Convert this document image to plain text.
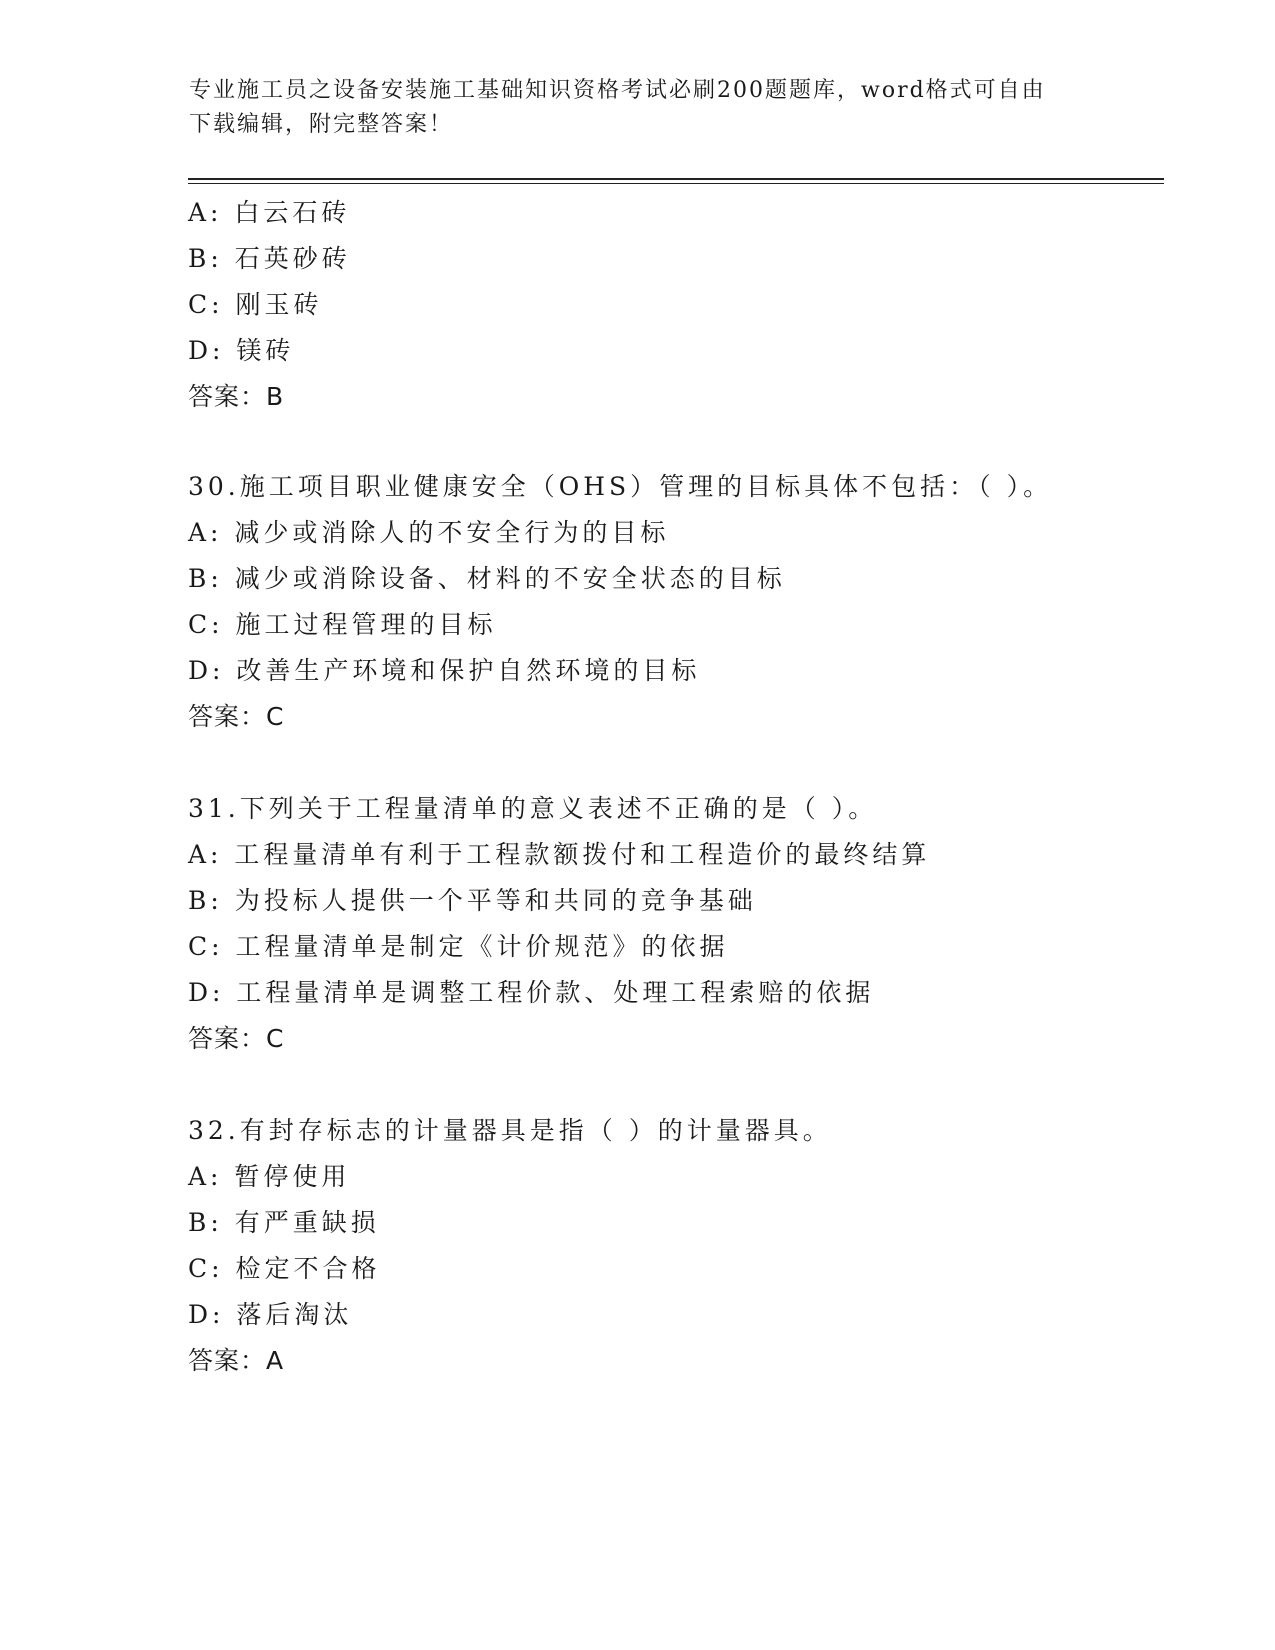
专业施工员之设备安装施工基础知识资格考试必刷200题题库，word格式可自由
下载编辑，附完整答案！
A: 白云石砖
B: 石英砂砖
C: 刚玉砖
D: 镁砖
答案：B
30.施工项目职业健康安全（OHS）管理的目标具体不包括：（ ）。
A: 减少或消除人的不安全行为的目标
B: 减少或消除设备、材料的不安全状态的目标
C: 施工过程管理的目标
D: 改善生产环境和保护自然环境的目标
答案：C
31.下列关于工程量清单的意义表述不正确的是（ ）。
A: 工程量清单有利于工程款额拨付和工程造价的最终结算
B: 为投标人提供一个平等和共同的竞争基础
C: 工程量清单是制定《计价规范》的依据
D: 工程量清单是调整工程价款、处理工程索赔的依据
答案：C
32.有封存标志的计量器具是指（ ）的计量器具。
A: 暂停使用
B: 有严重缺损
C: 检定不合格
D: 落后淘汰
答案：A
